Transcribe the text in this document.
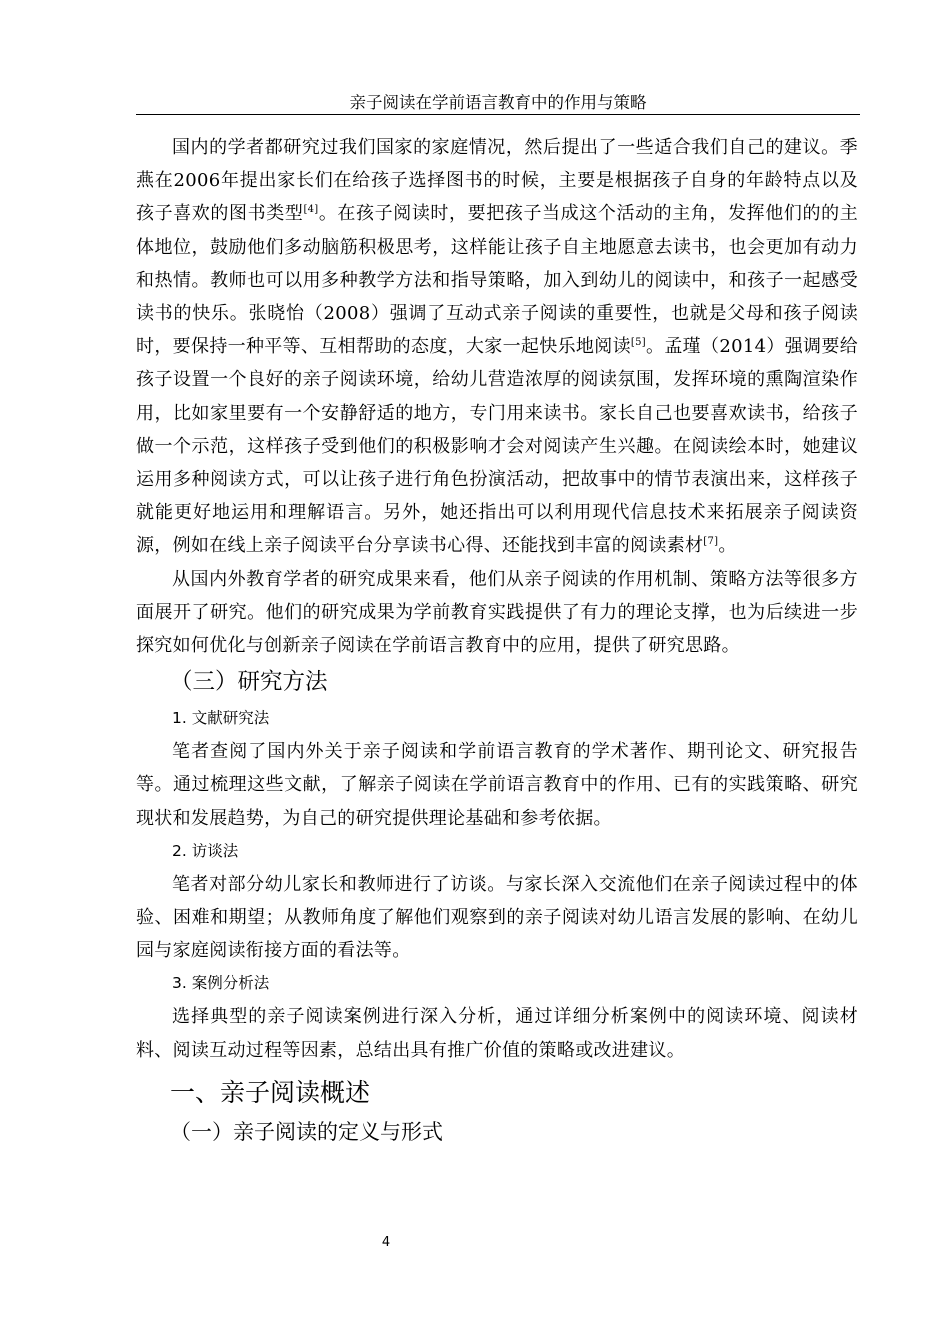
亲子阅读在学前语言教育中的作用与策略

国内的学者都研究过我们国家的家庭情况，然后提出了一些适合我们自己的建议。季燕在2006年提出家长们在给孩子选择图书的时候，主要是根据孩子自身的年龄特点以及孩子喜欢的图书类型[4]。在孩子阅读时，要把孩子当成这个活动的主角，发挥他们的的主体地位，鼓励他们多动脑筋积极思考，这样能让孩子自主地愿意去读书，也会更加有动力和热情。教师也可以用多种教学方法和指导策略，加入到幼儿的阅读中，和孩子一起感受读书的快乐。张晓怡（2008）强调了互动式亲子阅读的重要性，也就是父母和孩子阅读时，要保持一种平等、互相帮助的态度，大家一起快乐地阅读[5]。孟瑾（2014）强调要给孩子设置一个良好的亲子阅读环境，给幼儿营造浓厚的阅读氛围，发挥环境的熏陶渲染作用，比如家里要有一个安静舒适的地方，专门用来读书。家长自己也要喜欢读书，给孩子做一个示范，这样孩子受到他们的积极影响才会对阅读产生兴趣。在阅读绘本时，她建议运用多种阅读方式，可以让孩子进行角色扮演活动，把故事中的情节表演出来，这样孩子就能更好地运用和理解语言。另外，她还指出可以利用现代信息技术来拓展亲子阅读资源，例如在线上亲子阅读平台分享读书心得、还能找到丰富的阅读素材[7]。

从国内外教育学者的研究成果来看，他们从亲子阅读的作用机制、策略方法等很多方面展开了研究。他们的研究成果为学前教育实践提供了有力的理论支撑，也为后续进一步探究如何优化与创新亲子阅读在学前语言教育中的应用，提供了研究思路。

（三）研究方法
1. 文献研究法

笔者查阅了国内外关于亲子阅读和学前语言教育的学术著作、期刊论文、研究报告等。通过梳理这些文献，了解亲子阅读在学前语言教育中的作用、已有的实践策略、研究现状和发展趋势，为自己的研究提供理论基础和参考依据。

2. 访谈法

笔者对部分幼儿家长和教师进行了访谈。与家长深入交流他们在亲子阅读过程中的体验、困难和期望；从教师角度了解他们观察到的亲子阅读对幼儿语言发展的影响、在幼儿园与家庭阅读衔接方面的看法等。

3. 案例分析法

选择典型的亲子阅读案例进行深入分析，通过详细分析案例中的阅读环境、阅读材料、阅读互动过程等因素，总结出具有推广价值的策略或改进建议。

一、亲子阅读概述
（一）亲子阅读的定义与形式
4
